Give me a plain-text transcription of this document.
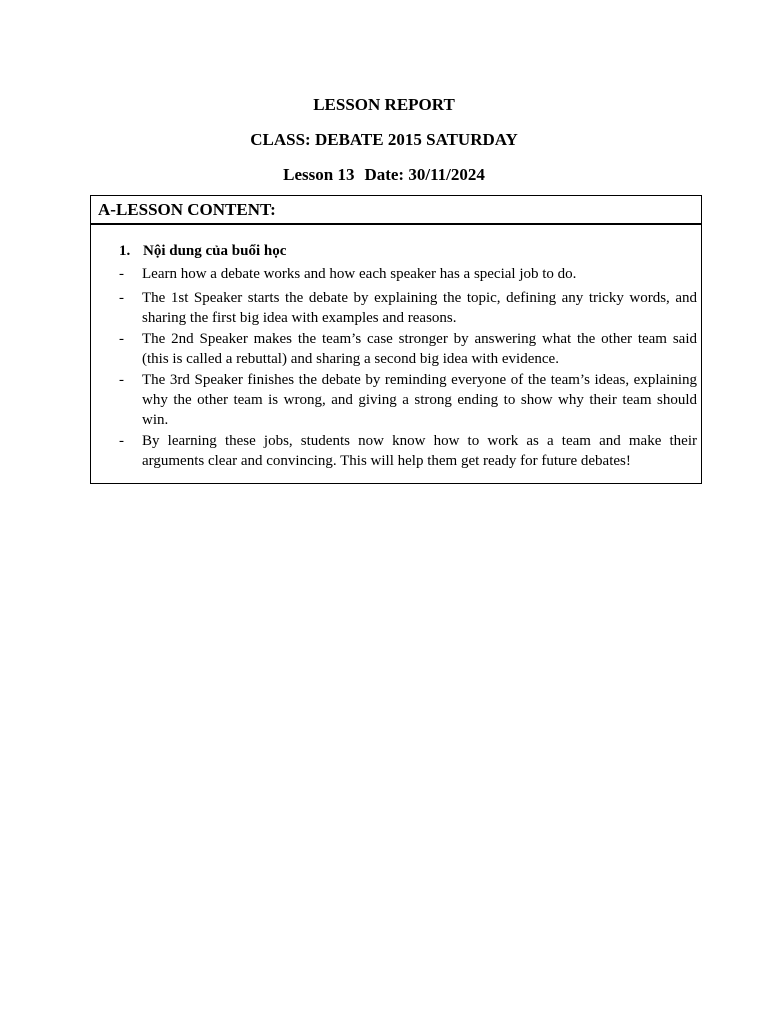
LESSON REPORT
CLASS: DEBATE 2015 SATURDAY
Lesson 13 Date: 30/11/2024
A-LESSON CONTENT:
1. Nội dung của buổi học
- Learn how a debate works and how each speaker has a special job to do.
- The 1st Speaker starts the debate by explaining the topic, defining any tricky words, and sharing the first big idea with examples and reasons.
- The 2nd Speaker makes the team’s case stronger by answering what the other team said (this is called a rebuttal) and sharing a second big idea with evidence.
- The 3rd Speaker finishes the debate by reminding everyone of the team’s ideas, explaining why the other team is wrong, and giving a strong ending to show why their team should win.
- By learning these jobs, students now know how to work as a team and make their arguments clear and convincing. This will help them get ready for future debates!
